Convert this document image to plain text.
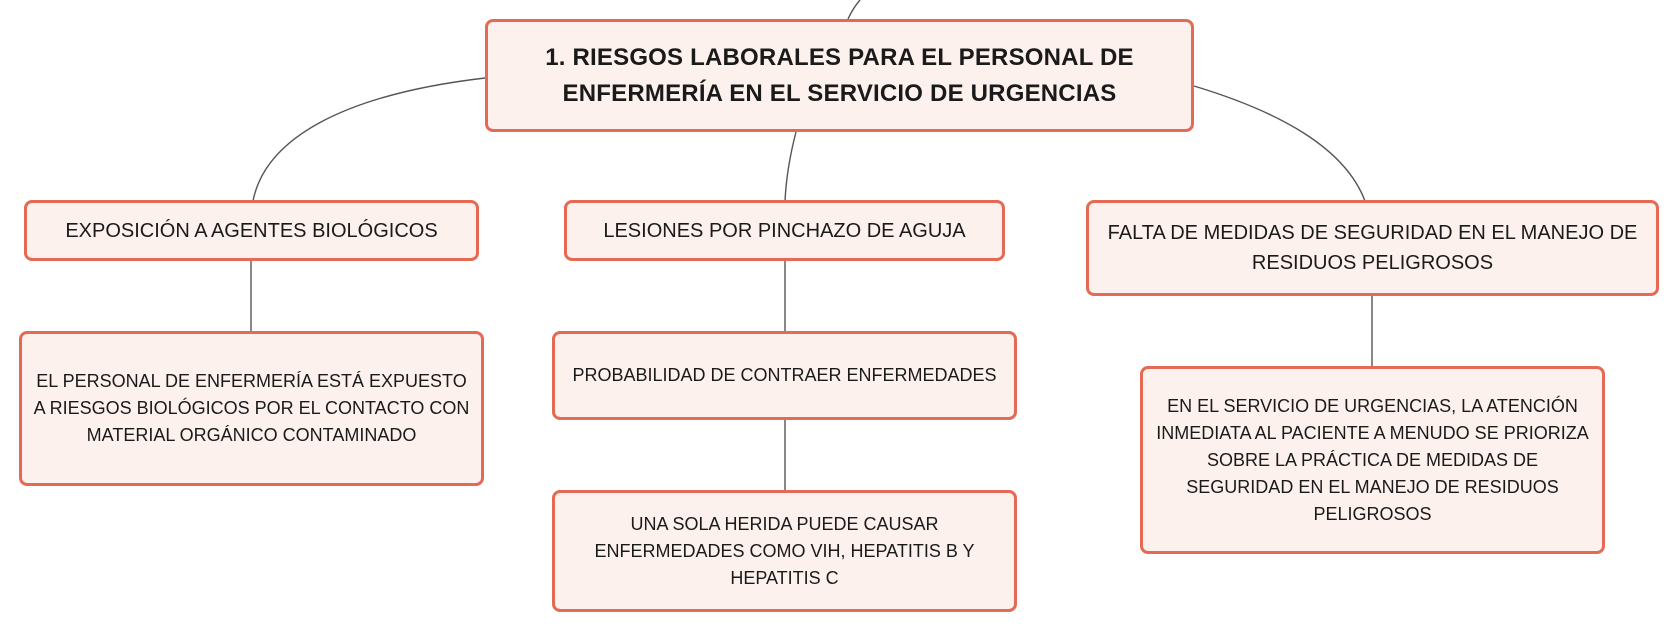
1. RIESGOS LABORALES PARA EL PERSONAL DE ENFERMERÍA EN EL SERVICIO DE URGENCIAS
EXPOSICIÓN A AGENTES BIOLÓGICOS	LESIONES POR PINCHAZO DE AGUJA	FALTA DE MEDIDAS DE SEGURIDAD EN EL MANEJO DE RESIDUOS PELIGROSOS
EL PERSONAL DE ENFERMERÍA ESTÁ EXPUESTO A RIESGOS BIOLÓGICOS POR EL CONTACTO CON MATERIAL ORGÁNICO CONTAMINADO
PROBABILIDAD DE CONTRAER ENFERMEDADES
UNA SOLA HERIDA PUEDE CAUSAR ENFERMEDADES COMO VIH, HEPATITIS B Y HEPATITIS C
EN EL SERVICIO DE URGENCIAS, LA ATENCIÓN INMEDIATA AL PACIENTE A MENUDO SE PRIORIZA SOBRE LA PRÁCTICA DE MEDIDAS DE SEGURIDAD EN EL MANEJO DE RESIDUOS PELIGROSOS
